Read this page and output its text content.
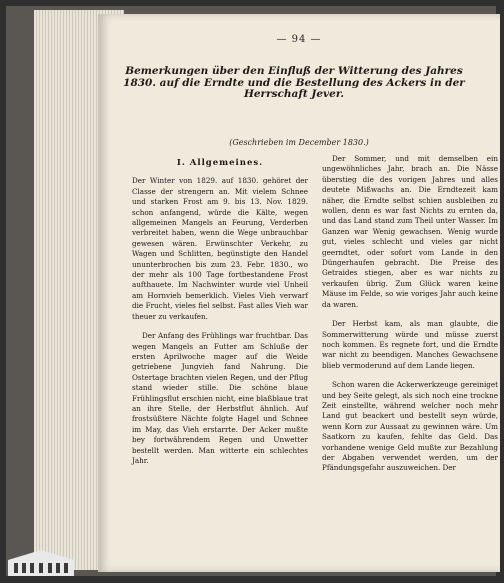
— 94 —
Bemerkungen über den Einfluß der Witterung des Jahres 1830. auf die Erndte und die Bestellung des Ackers in der Herrschaft Jever.
(Geschrieben im December 1830.)
I. Allgemeines.

Der Winter von 1829. auf 1830. gehöret der Classe der strengern an. Mit vielem Schnee und starken Frost am 9. bis 13. Nov. 1829. schon anfangend, würde die Kälte, wegen allgemeinen Mangels an Feurung, Verderben verbreitet haben, wenn die Wege unbrauchbar gewesen wären. Erwünschter Verkehr, zu Wagen und Schlitten, begünstigte den Handel ununterbrochen bis zum 23. Febr. 1830., wo der mehr als 100 Tage fortbestandene Frost aufthauete. Im Nachwinter wurde viel Unheil am Hornvieh bemerklich. Vieles Vieh verwarf die Frucht, vieles fiel selbst. Fast alles Vieh war theuer zu verkaufen.

Der Anfang des Frühlings war fruchtbar. Das wegen Mangels an Futter am Schluße der ersten Aprilwoche mager auf die Weide getriebene Jungvieh fand Nahrung. Die Ostertage brachten vielen Regen, und der Pflug stand wieder stille. Die schöne blaue Frühlingsflut erschien nicht, eine blaßblaue trat an ihre Stelle, der Herbstflut ähnlich. Auf frostsüßtere Nächte folgte Hagel und Schnee im May, das Vieh erstarrte. Der Acker mußte bey fortwährendem Regen und Unwetter bestellt werden. Man witterte ein schlechtes Jahr.

Der Sommer, und mit demselben ein ungewöhnliches Jahr, brach an. Die Nässe überstieg die des vorigen Jahres und alles deutete Mißwachs an. Die Erndtezeit kam näher, die Erndte selbst schien ausbleiben zu wollen, denn es war fast Nichts zu ernten da, und das Land stand zum Theil unter Wasser. Im Ganzen war Wenig gewachsen. Wenig wurde gut, vieles schlecht und vieles gar nicht geerndtet, oder sofort vom Lande in den Düngerhaufen gebracht. Die Preise des Getraides stiegen, aber es war nichts zu verkaufen übrig. Zum Glück waren keine Mäuse im Felde, so wie voriges Jahr auch keine da waren.

Der Herbst kam, als man glaubte, die Sommerwitterung würde und müsse zuerst noch kommen. Es regnete fort, und die Erndte war nicht zu beendigen. Manches Gewachsene blieb vermoderund auf dem Lande liegen.

Schon waren die Ackerwerkzeuge gereiniget und bey Seite gelegt, als sich noch eine trockne Zeit einstellte, während welcher noch mehr Land gut beackert und bestellt seyn würde, wenn Korn zur Aussaat zu gewinnen wäre. Um Saatkorn zu kaufen, fehlte das Geld. Das vorhandene wenige Geld mußte zur Bezahlung der Abgaben verwendet werden, um der Pfändungsgefahr auszuweichen. Der
